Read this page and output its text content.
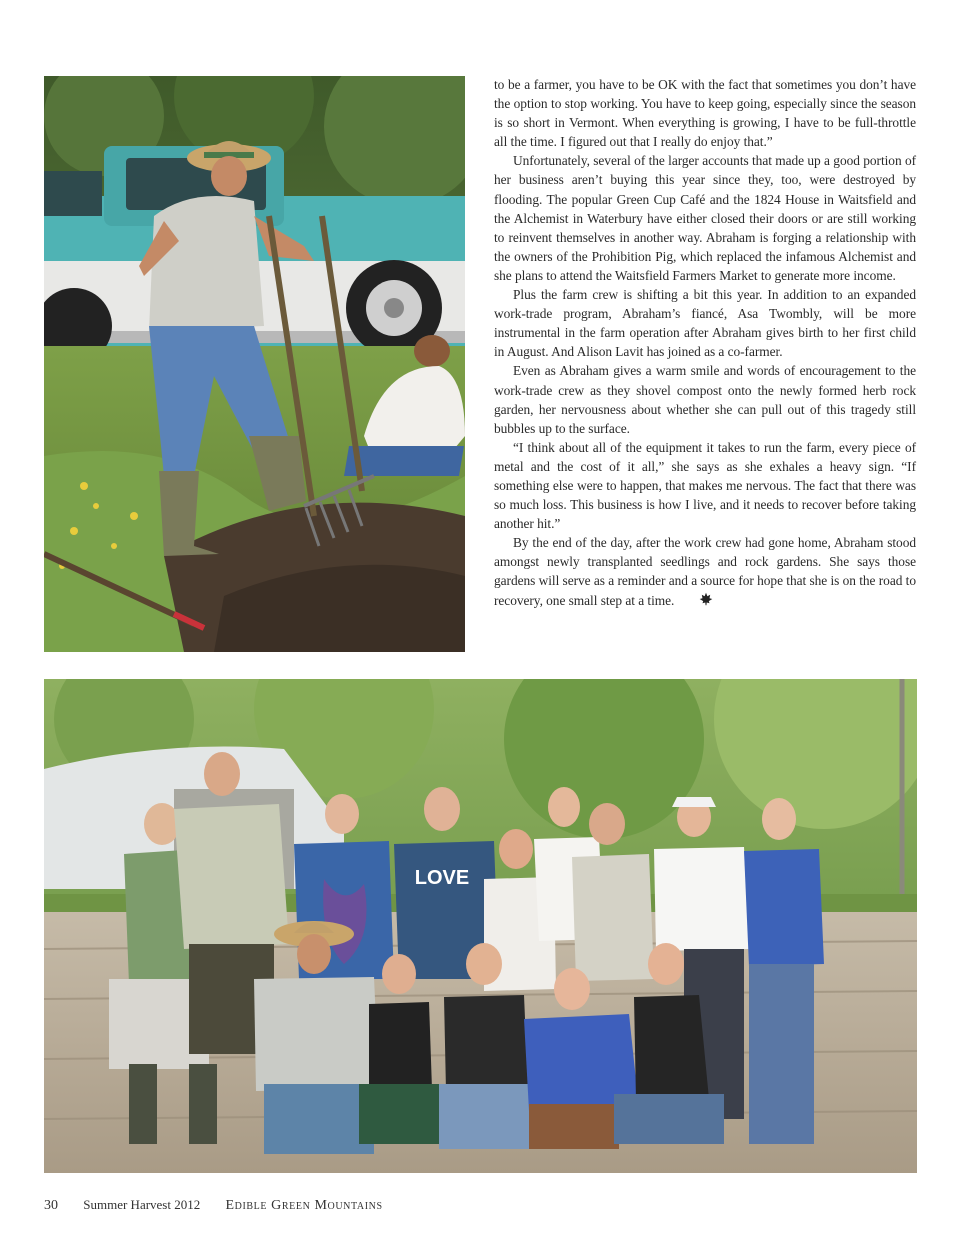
to be a farmer, you have to be OK with the fact that sometimes you don’t have the option to stop working. You have to keep going, especially since the season is so short in Vermont. When everything is growing, I have to be full-throttle all the time. I figured out that I really do enjoy that.”

Unfortunately, several of the larger accounts that made up a good portion of her business aren’t buying this year since they, too, were destroyed by flooding. The popular Green Cup Café and the 1824 House in Waitsfield and the Alchemist in Waterbury have either closed their doors or are still working to reinvent themselves in another way. Abraham is forging a relationship with the owners of the Prohibition Pig, which replaced the infamous Alchemist and she plans to attend the Waitsfield Farmers Market to generate more income.

Plus the farm crew is shifting a bit this year. In addition to an expanded work-trade program, Abraham’s fiancé, Asa Twombly, will be more instrumental in the farm operation after Abraham gives birth to her first child in August. And Alison Lavit has joined as a co-farmer.

Even as Abraham gives a warm smile and words of encouragement to the work-trade crew as they shovel compost onto the newly formed herb rock garden, her nervousness about whether she can pull out of this tragedy still bubbles up to the surface.

“I think about all of the equipment it takes to run the farm, every piece of metal and the cost of it all,” she says as she exhales a heavy sign. “If something else were to happen, that makes me nervous. The fact that there was so much loss. This business is how I live, and it needs to recover before taking another hit.”

By the end of the day, after the work crew had gone home, Abraham stood amongst newly transplanted seedlings and rock gardens. She says those gardens will serve as a reminder and a source for hope that she is on the road to recovery, one small step at a time.

LOVE
30 Summer Harvest 2012 Edible Green Mountains
